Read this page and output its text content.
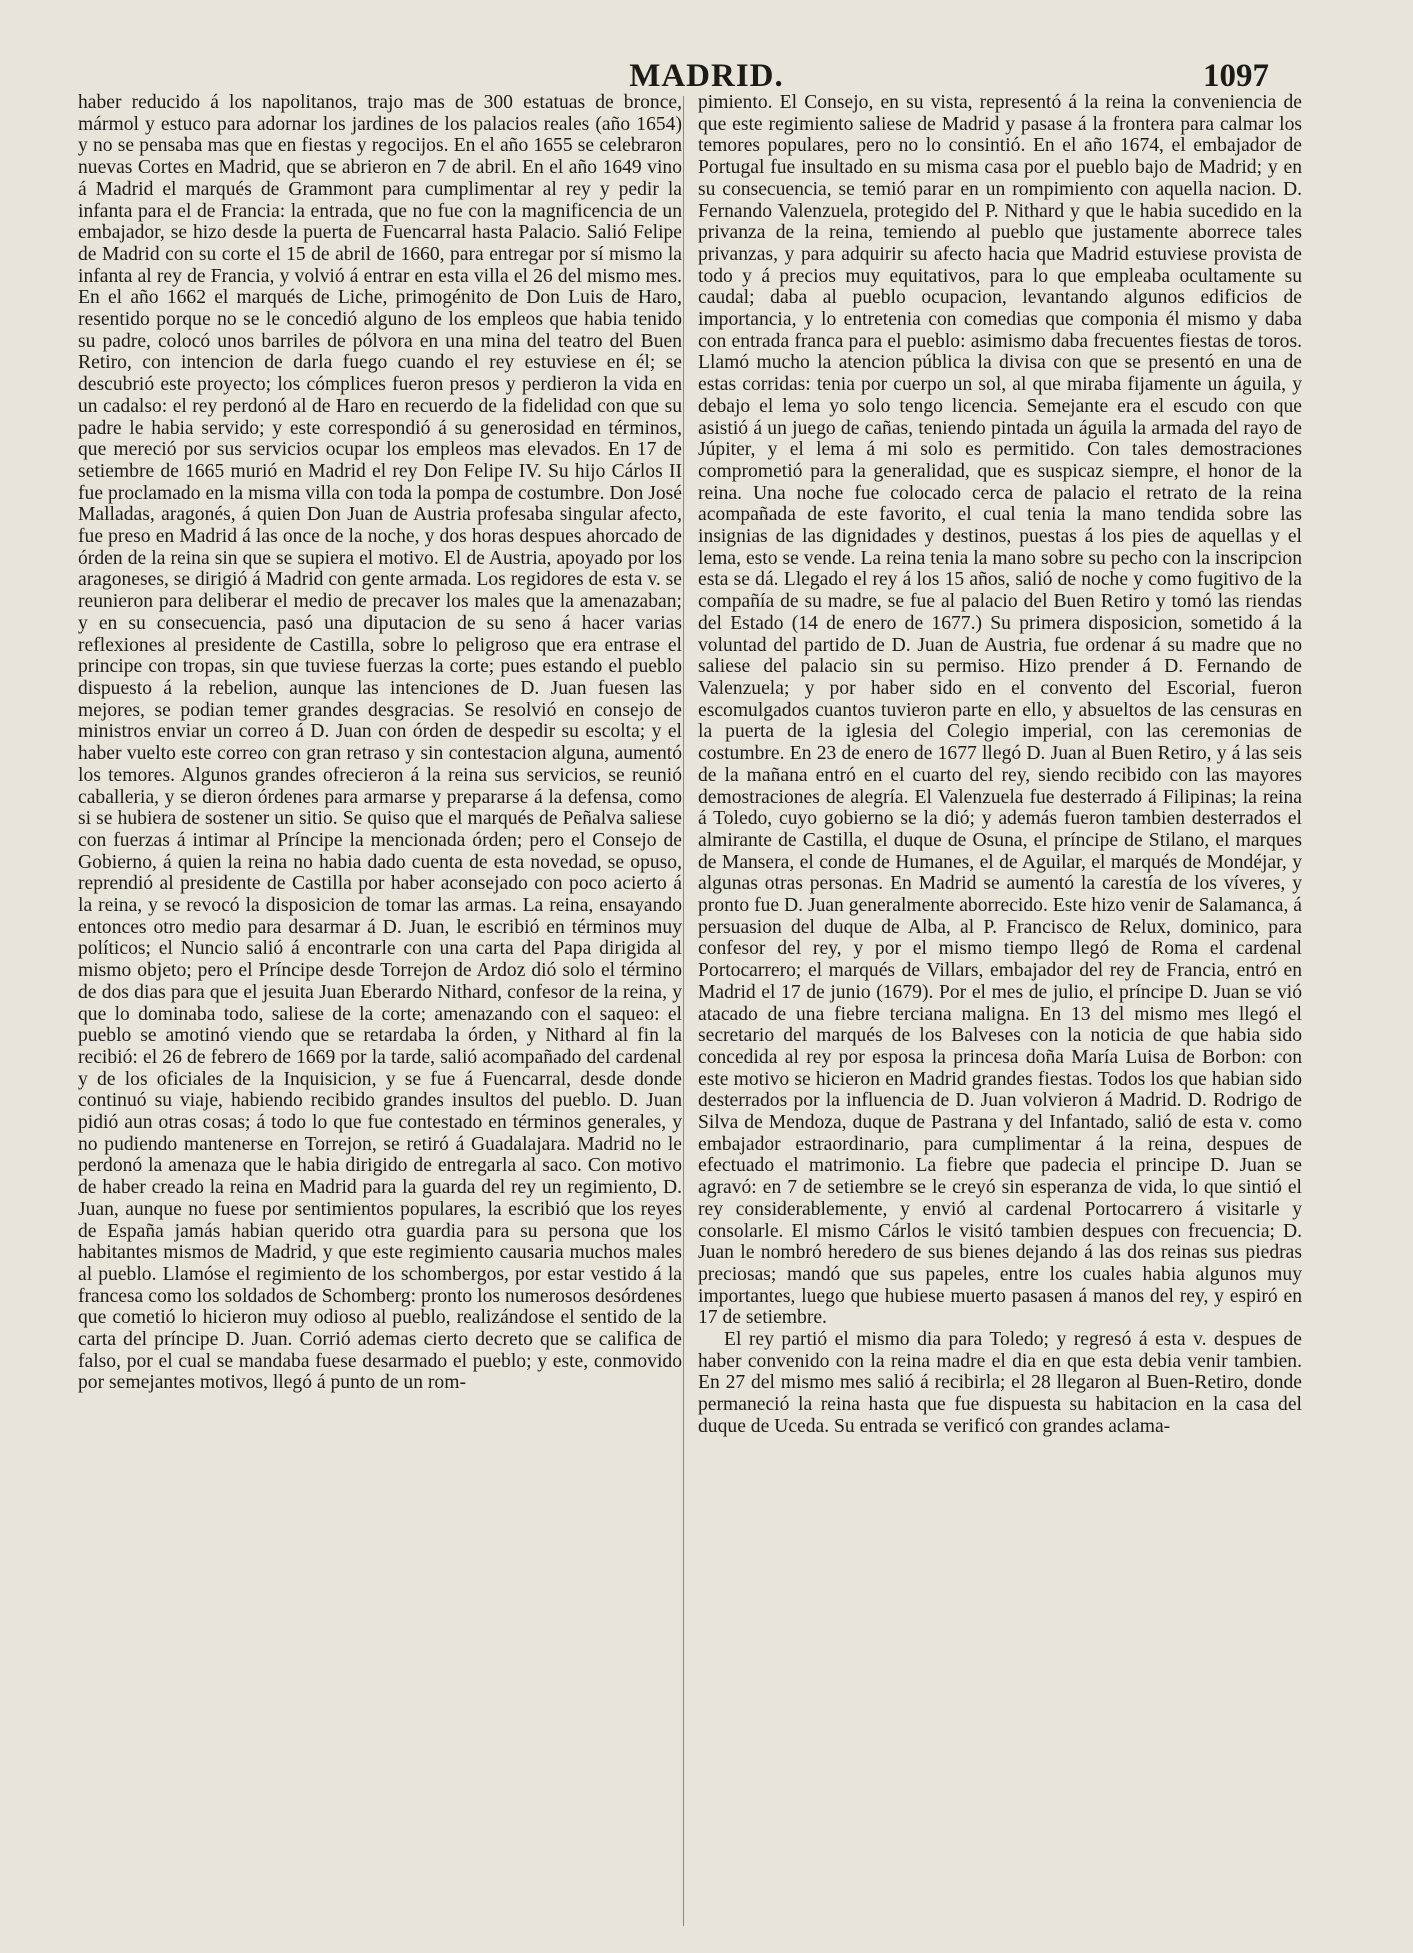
MADRID.	1097

haber reducido á los napolitanos, trajo mas de 300 estatuas de bronce, mármol y estuco para adornar los jardines de los palacios reales (año 1654) y no se pensaba mas que en fiestas y regocijos. En el año 1655 se celebraron nuevas Cortes en Madrid, que se abrieron en 7 de abril. En el año 1649 vino á Madrid el marqués de Grammont para cumplimentar al rey y pedir la infanta para el de Francia: la entrada, que no fue con la magnificencia de un embajador, se hizo desde la puerta de Fuencarral hasta Palacio. Salió Felipe de Madrid con su corte el 15 de abril de 1660, para entregar por sí mismo la infanta al rey de Francia, y volvió á entrar en esta villa el 26 del mismo mes. En el año 1662 el marqués de Liche, primogénito de Don Luis de Haro, resentido porque no se le concedió alguno de los empleos que habia tenido su padre, colocó unos barriles de pólvora en una mina del teatro del Buen Retiro, con intencion de darla fuego cuando el rey estuviese en él; se descubrió este proyecto; los cómplices fueron presos y perdieron la vida en un cadalso: el rey perdonó al de Haro en recuerdo de la fidelidad con que su padre le habia servido; y este correspondió á su generosidad en términos, que mereció por sus servicios ocupar los empleos mas elevados. En 17 de setiembre de 1665 murió en Madrid el rey Don Felipe IV. Su hijo Cárlos II fue proclamado en la misma villa con toda la pompa de costumbre. Don José Malladas, aragonés, á quien Don Juan de Austria profesaba singular afecto, fue preso en Madrid á las once de la noche, y dos horas despues ahorcado de órden de la reina sin que se supiera el motivo. El de Austria, apoyado por los aragoneses, se dirigió á Madrid con gente armada. Los regidores de esta v. se reunieron para deliberar el medio de precaver los males que la amenazaban; y en su consecuencia, pasó una diputacion de su seno á hacer varias reflexiones al presidente de Castilla, sobre lo peligroso que era entrase el principe con tropas, sin que tuviese fuerzas la corte; pues estando el pueblo dispuesto á la rebelion, aunque las intenciones de D. Juan fuesen las mejores, se podian temer grandes desgracias. Se resolvió en consejo de ministros enviar un correo á D. Juan con órden de despedir su escolta; y el haber vuelto este correo con gran retraso y sin contestacion alguna, aumentó los temores. Algunos grandes ofrecieron á la reina sus servicios, se reunió caballeria, y se dieron órdenes para armarse y prepararse á la defensa, como si se hubiera de sostener un sitio. Se quiso que el marqués de Peñalva saliese con fuerzas á intimar al Príncipe la mencionada órden; pero el Consejo de Gobierno, á quien la reina no habia dado cuenta de esta novedad, se opuso, reprendió al presidente de Castilla por haber aconsejado con poco acierto á la reina, y se revocó la disposicion de tomar las armas. La reina, ensayando entonces otro medio para desarmar á D. Juan, le escribió en términos muy políticos; el Nuncio salió á encontrarle con una carta del Papa dirigida al mismo objeto; pero el Príncipe desde Torrejon de Ardoz dió solo el término de dos dias para que el jesuita Juan Eberardo Nithard, confesor de la reina, y que lo dominaba todo, saliese de la corte; amenazando con el saqueo: el pueblo se amotinó viendo que se retardaba la órden, y Nithard al fin la recibió: el 26 de febrero de 1669 por la tarde, salió acompañado del cardenal y de los oficiales de la Inquisicion, y se fue á Fuencarral, desde donde continuó su viaje, habiendo recibido grandes insultos del pueblo. D. Juan pidió aun otras cosas; á todo lo que fue contestado en términos generales, y no pudiendo mantenerse en Torrejon, se retiró á Guadalajara. Madrid no le perdonó la amenaza que le habia dirigido de entregarla al saco. Con motivo de haber creado la reina en Madrid para la guarda del rey un regimiento, D. Juan, aunque no fuese por sentimientos populares, la escribió que los reyes de España jamás habian querido otra guardia para su persona que los habitantes mismos de Madrid, y que este regimiento causaria muchos males al pueblo. Llamóse el regimiento de los schombergos, por estar vestido á la francesa como los soldados de Schomberg: pronto los numerosos desórdenes que cometió lo hicieron muy odioso al pueblo, realizándose el sentido de la carta del príncipe D. Juan. Corrió ademas cierto decreto que se califica de falso, por el cual se mandaba fuese desarmado el pueblo; y este, conmovido por semejantes motivos, llegó á punto de un rom-

pimiento. El Consejo, en su vista, representó á la reina la conveniencia de que este regimiento saliese de Madrid y pasase á la frontera para calmar los temores populares, pero no lo consintió. En el año 1674, el embajador de Portugal fue insultado en su misma casa por el pueblo bajo de Madrid; y en su consecuencia, se temió parar en un rompimiento con aquella nacion. D. Fernando Valenzuela, protegido del P. Nithard y que le habia sucedido en la privanza de la reina, temiendo al pueblo que justamente aborrece tales privanzas, y para adquirir su afecto hacia que Madrid estuviese provista de todo y á precios muy equitativos, para lo que empleaba ocultamente su caudal; daba al pueblo ocupacion, levantando algunos edificios de importancia, y lo entretenia con comedias que componia él mismo y daba con entrada franca para el pueblo: asimismo daba frecuentes fiestas de toros. Llamó mucho la atencion pública la divisa con que se presentó en una de estas corridas: tenia por cuerpo un sol, al que miraba fijamente un águila, y debajo el lema yo solo tengo licencia. Semejante era el escudo con que asistió á un juego de cañas, teniendo pintada un águila la armada del rayo de Júpiter, y el lema á mi solo es permitido. Con tales demostraciones comprometió para la generalidad, que es suspicaz siempre, el honor de la reina. Una noche fue colocado cerca de palacio el retrato de la reina acompañada de este favorito, el cual tenia la mano tendida sobre las insignias de las dignidades y destinos, puestas á los pies de aquellas y el lema, esto se vende. La reina tenia la mano sobre su pecho con la inscripcion esta se dá. Llegado el rey á los 15 años, salió de noche y como fugitivo de la compañía de su madre, se fue al palacio del Buen Retiro y tomó las riendas del Estado (14 de enero de 1677.) Su primera disposicion, sometido á la voluntad del partido de D. Juan de Austria, fue ordenar á su madre que no saliese del palacio sin su permiso. Hizo prender á D. Fernando de Valenzuela; y por haber sido en el convento del Escorial, fueron escomulgados cuantos tuvieron parte en ello, y absueltos de las censuras en la puerta de la iglesia del Colegio imperial, con las ceremonias de costumbre. En 23 de enero de 1677 llegó D. Juan al Buen Retiro, y á las seis de la mañana entró en el cuarto del rey, siendo recibido con las mayores demostraciones de alegría. El Valenzuela fue desterrado á Filipinas; la reina á Toledo, cuyo gobierno se la dió; y además fueron tambien desterrados el almirante de Castilla, el duque de Osuna, el príncipe de Stilano, el marques de Mansera, el conde de Humanes, el de Aguilar, el marqués de Mondéjar, y algunas otras personas. En Madrid se aumentó la carestía de los víveres, y pronto fue D. Juan generalmente aborrecido. Este hizo venir de Salamanca, á persuasion del duque de Alba, al P. Francisco de Relux, dominico, para confesor del rey, y por el mismo tiempo llegó de Roma el cardenal Portocarrero; el marqués de Villars, embajador del rey de Francia, entró en Madrid el 17 de junio (1679). Por el mes de julio, el príncipe D. Juan se vió atacado de una fiebre terciana maligna. En 13 del mismo mes llegó el secretario del marqués de los Balveses con la noticia de que habia sido concedida al rey por esposa la princesa doña María Luisa de Borbon: con este motivo se hicieron en Madrid grandes fiestas. Todos los que habian sido desterrados por la influencia de D. Juan volvieron á Madrid. D. Rodrigo de Silva de Mendoza, duque de Pastrana y del Infantado, salió de esta v. como embajador estraordinario, para cumplimentar á la reina, despues de efectuado el matrimonio. La fiebre que padecia el principe D. Juan se agravó: en 7 de setiembre se le creyó sin esperanza de vida, lo que sintió el rey considerablemente, y envió al cardenal Portocarrero á visitarle y consolarle. El mismo Cárlos le visitó tambien despues con frecuencia; D. Juan le nombró heredero de sus bienes dejando á las dos reinas sus piedras preciosas; mandó que sus papeles, entre los cuales habia algunos muy importantes, luego que hubiese muerto pasasen á manos del rey, y espiró en 17 de setiembre.

El rey partió el mismo dia para Toledo; y regresó á esta v. despues de haber convenido con la reina madre el dia en que esta debia venir tambien. En 27 del mismo mes salió á recibirla; el 28 llegaron al Buen-Retiro, donde permaneció la reina hasta que fue dispuesta su habitacion en la casa del duque de Uceda. Su entrada se verificó con grandes aclama-
